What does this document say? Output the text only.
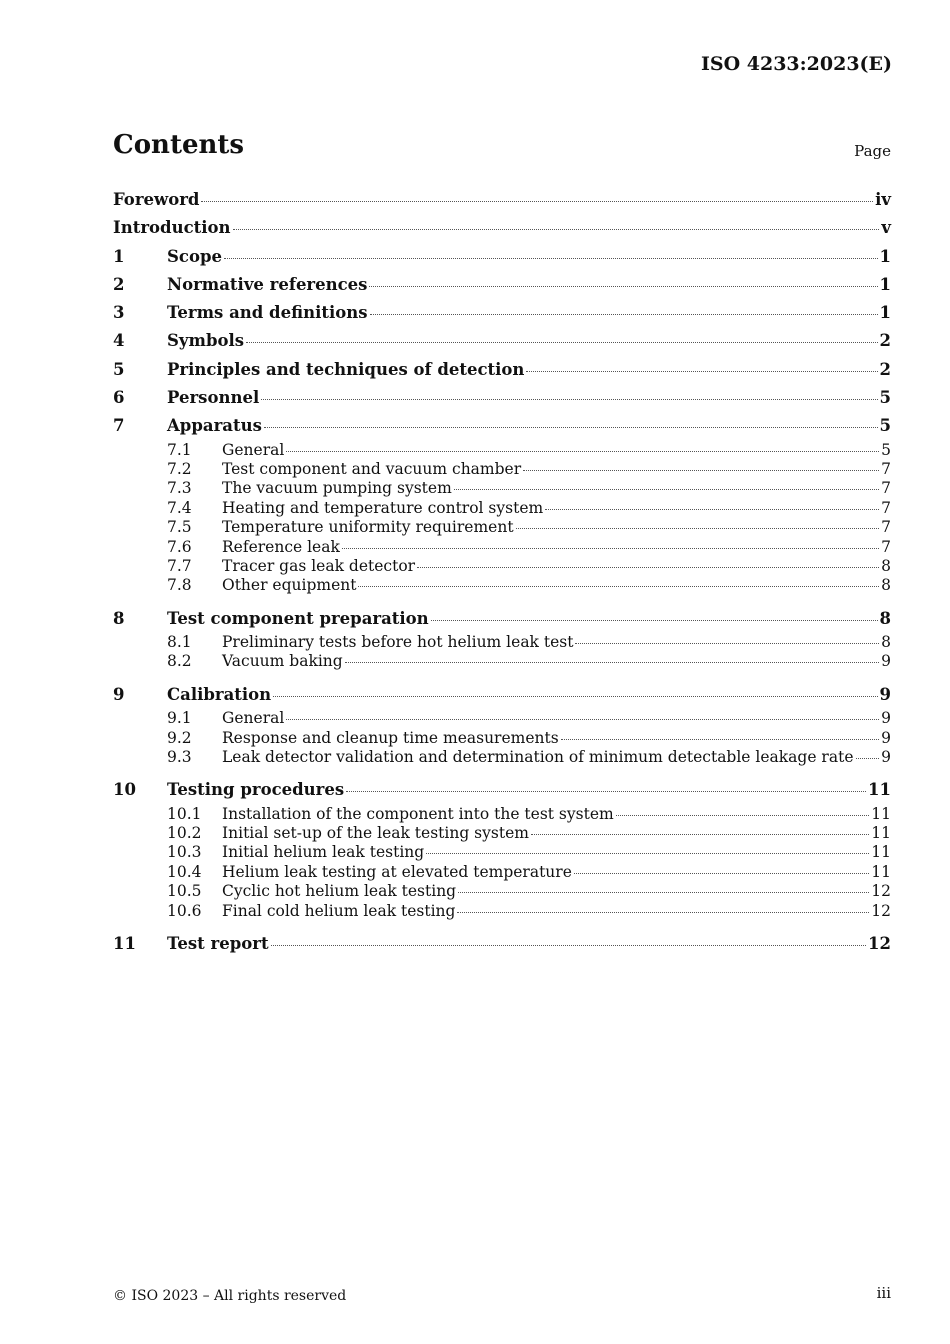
ISO 4233:2023(E)
Contents	Page
Foreword	iv
Introduction	v
1	Scope	1
2	Normative references	1
3	Terms and definitions	1
4	Symbols	2
5	Principles and techniques of detection	2
6	Personnel	5
7	Apparatus	5
7.1	General	5
7.2	Test component and vacuum chamber	7
7.3	The vacuum pumping system	7
7.4	Heating and temperature control system	7
7.5	Temperature uniformity requirement	7
7.6	Reference leak	7
7.7	Tracer gas leak detector	8
7.8	Other equipment	8
8	Test component preparation	8
8.1	Preliminary tests before hot helium leak test	8
8.2	Vacuum baking	9
9	Calibration	9
9.1	General	9
9.2	Response and cleanup time measurements	9
9.3	Leak detector validation and determination of minimum detectable leakage rate 9
10	Testing procedures	11
10.1	Installation of the component into the test system	11
10.2	Initial set-up of the leak testing system	11
10.3	Initial helium leak testing	11
10.4	Helium leak testing at elevated temperature	11
10.5	Cyclic hot helium leak testing	12
10.6	Final cold helium leak testing	12
11	Test report	12
© ISO 2023 – All rights reserved	iii
